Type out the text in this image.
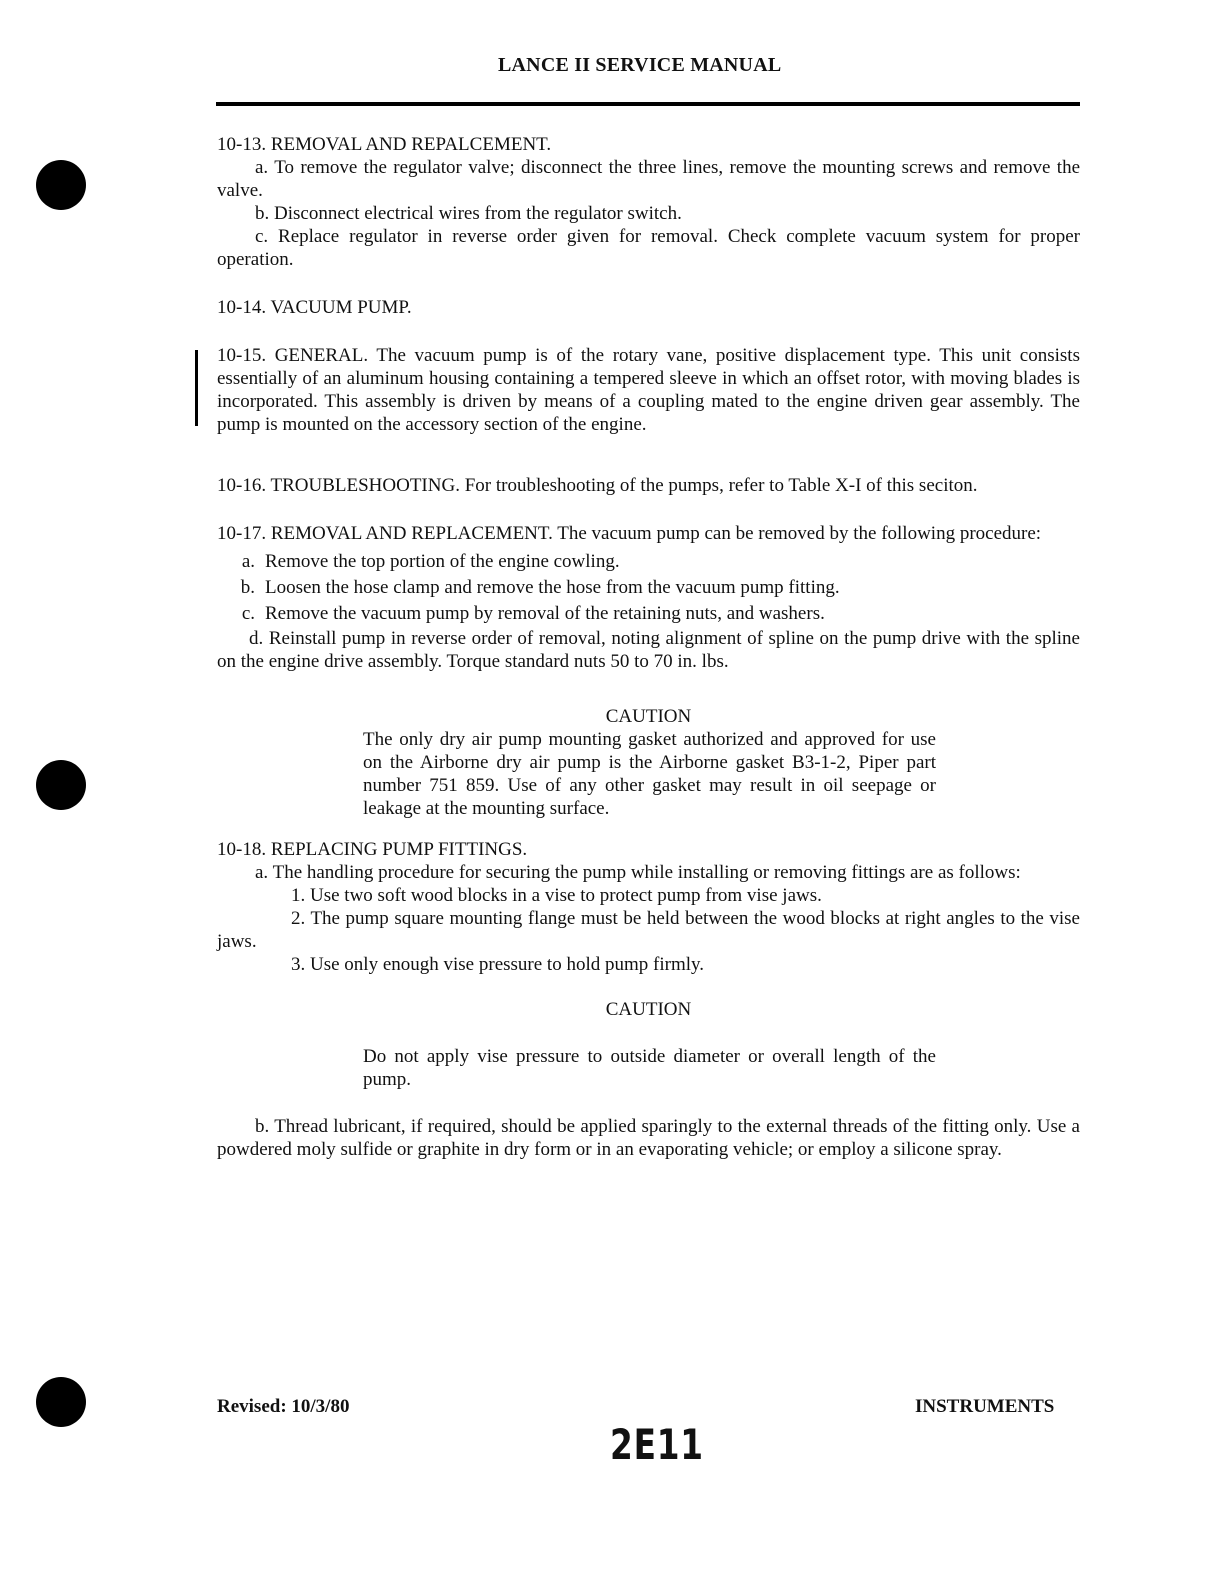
LANCE II SERVICE MANUAL

10-13. REMOVAL AND REPALCEMENT.

a. To remove the regulator valve; disconnect the three lines, remove the mounting screws and remove the valve.

b. Disconnect electrical wires from the regulator switch.

c. Replace regulator in reverse order given for removal. Check complete vacuum system for proper operation.

10-14. VACUUM PUMP.

10-15. GENERAL. The vacuum pump is of the rotary vane, positive displacement type. This unit consists essentially of an aluminum housing containing a tempered sleeve in which an offset rotor, with moving blades is incorporated. This assembly is driven by means of a coupling mated to the engine driven gear assembly. The pump is mounted on the accessory section of the engine.

10-16. TROUBLESHOOTING. For troubleshooting of the pumps, refer to Table X-I of this seciton.

10-17. REMOVAL AND REPLACEMENT. The vacuum pump can be removed by the following procedure:

a. Remove the top portion of the engine cowling.

b. Loosen the hose clamp and remove the hose from the vacuum pump fitting.

c. Remove the vacuum pump by removal of the retaining nuts, and washers.

d. Reinstall pump in reverse order of removal, noting alignment of spline on the pump drive with the spline on the engine drive assembly. Torque standard nuts 50 to 70 in. lbs.

CAUTION

The only dry air pump mounting gasket authorized and approved for use on the Airborne dry air pump is the Airborne gasket B3-1-2, Piper part number 751 859. Use of any other gasket may result in oil seepage or leakage at the mounting surface.

10-18. REPLACING PUMP FITTINGS.

a. The handling procedure for securing the pump while installing or removing fittings are as follows:

1. Use two soft wood blocks in a vise to protect pump from vise jaws.

2. The pump square mounting flange must be held between the wood blocks at right angles to the vise jaws.

3. Use only enough vise pressure to hold pump firmly.

CAUTION

Do not apply vise pressure to outside diameter or overall length of the pump.

b. Thread lubricant, if required, should be applied sparingly to the external threads of the fitting only. Use a powdered moly sulfide or graphite in dry form or in an evaporating vehicle; or employ a silicone spray.

Revised: 10/3/80	INSTRUMENTS
2E11
